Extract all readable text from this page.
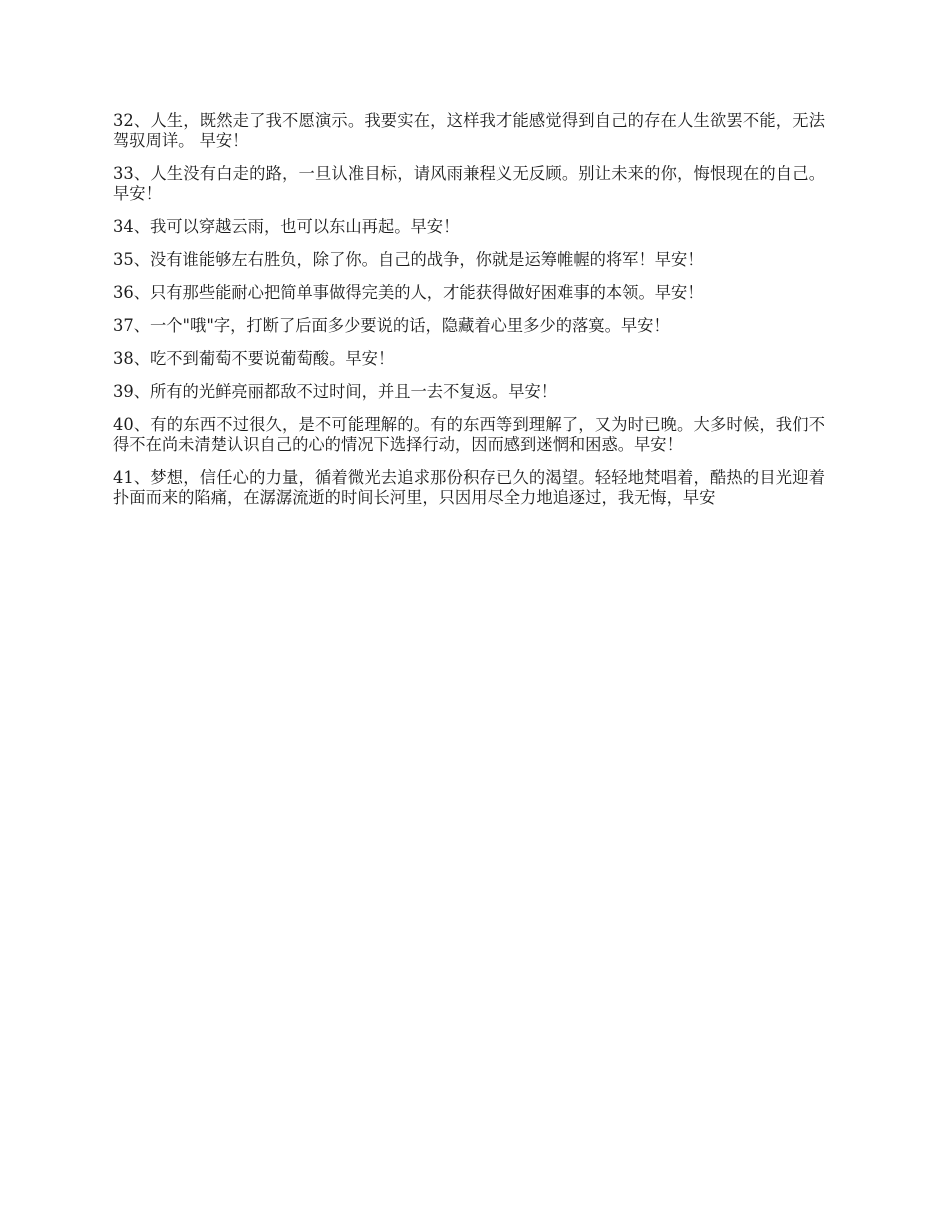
32、人生，既然走了我不愿演示。我要实在，这样我才能感觉得到自己的存在人生欲罢不能，无法驾驭周详。 早安！

33、人生没有白走的路，一旦认准目标，请风雨兼程义无反顾。别让未来的你，悔恨现在的自己。早安！

34、我可以穿越云雨，也可以东山再起。早安！

35、没有谁能够左右胜负，除了你。自己的战争，你就是运筹帷幄的将军！早安！

36、只有那些能耐心把简单事做得完美的人，才能获得做好困难事的本领。早安！

37、一个"哦"字，打断了后面多少要说的话，隐藏着心里多少的落寞。早安！

38、吃不到葡萄不要说葡萄酸。早安！

39、所有的光鲜亮丽都敌不过时间，并且一去不复返。早安！

40、有的东西不过很久，是不可能理解的。有的东西等到理解了，又为时已晚。大多时候，我们不得不在尚未清楚认识自己的心的情况下选择行动，因而感到迷惘和困惑。早安！

41、梦想，信任心的力量，循着微光去追求那份积存已久的渴望。轻轻地梵唱着，酷热的目光迎着扑面而来的陷痛，在潺潺流逝的时间长河里，只因用尽全力地追逐过，我无悔，早安
